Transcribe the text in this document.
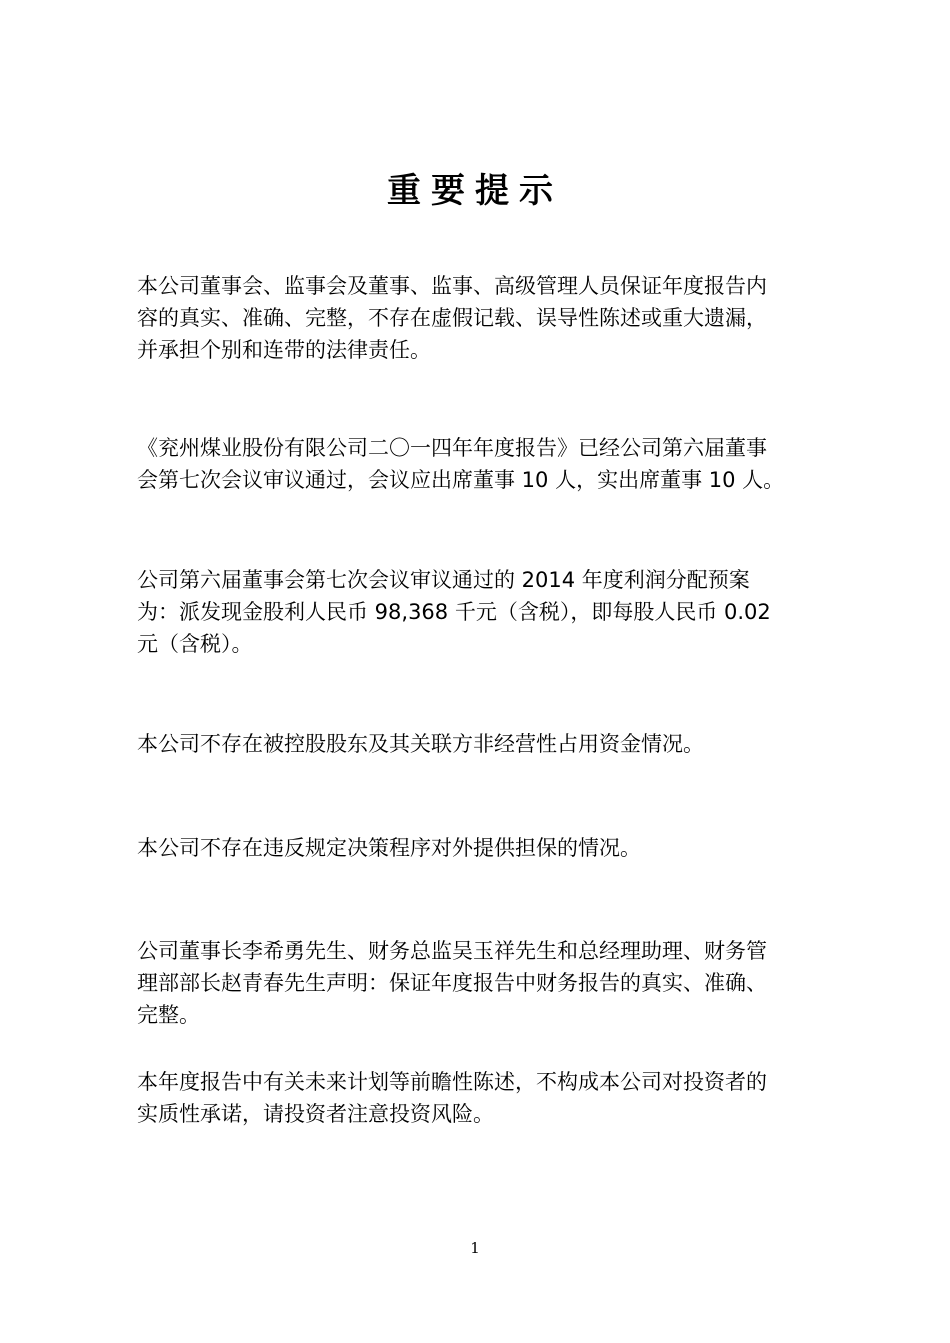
重要提示

本公司董事会、监事会及董事、监事、高级管理人员保证年度报告内
容的真实、准确、完整，不存在虚假记载、误导性陈述或重大遗漏，
并承担个别和连带的法律责任。

《兖州煤业股份有限公司二〇一四年年度报告》已经公司第六届董事
会第七次会议审议通过，会议应出席董事 10 人，实出席董事 10 人。

公司第六届董事会第七次会议审议通过的 2014 年度利润分配预案
为：派发现金股利人民币 98,368 千元（含税），即每股人民币 0.02
元（含税）。

本公司不存在被控股股东及其关联方非经营性占用资金情况。

本公司不存在违反规定决策程序对外提供担保的情况。

公司董事长李希勇先生、财务总监吴玉祥先生和总经理助理、财务管
理部部长赵青春先生声明：保证年度报告中财务报告的真实、准确、
完整。

本年度报告中有关未来计划等前瞻性陈述，不构成本公司对投资者的
实质性承诺，请投资者注意投资风险。

1
